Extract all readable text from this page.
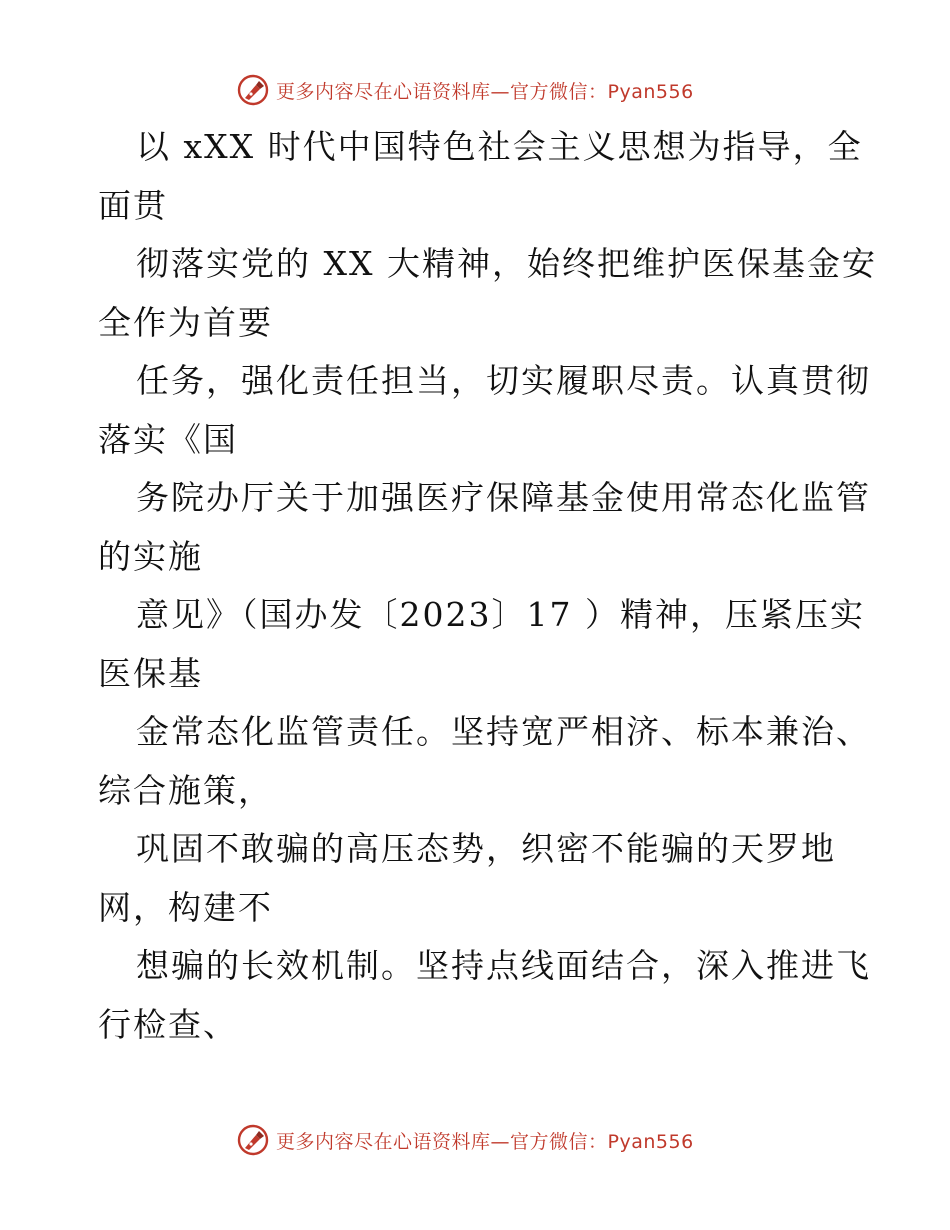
更多内容尽在心语资料库—官方微信：Pyan556
以 xXX 时代中国特色社会主义思想为指导，全
面贯
彻落实党的 XX 大精神，始终把维护医保基金安
全作为首要
任务，强化责任担当，切实履职尽责。认真贯彻
落实《国
务院办厅关于加强医疗保障基金使用常态化监管
的实施
意见》（国办发〔2023〕17 ）精神，压紧压实
医保基
金常态化监管责任。坚持宽严相济、标本兼治、
综合施策，
巩固不敢骗的高压态势，织密不能骗的天罗地
网，构建不
想骗的长效机制。坚持点线面结合，深入推进飞
行检查、
更多内容尽在心语资料库—官方微信：Pyan556
